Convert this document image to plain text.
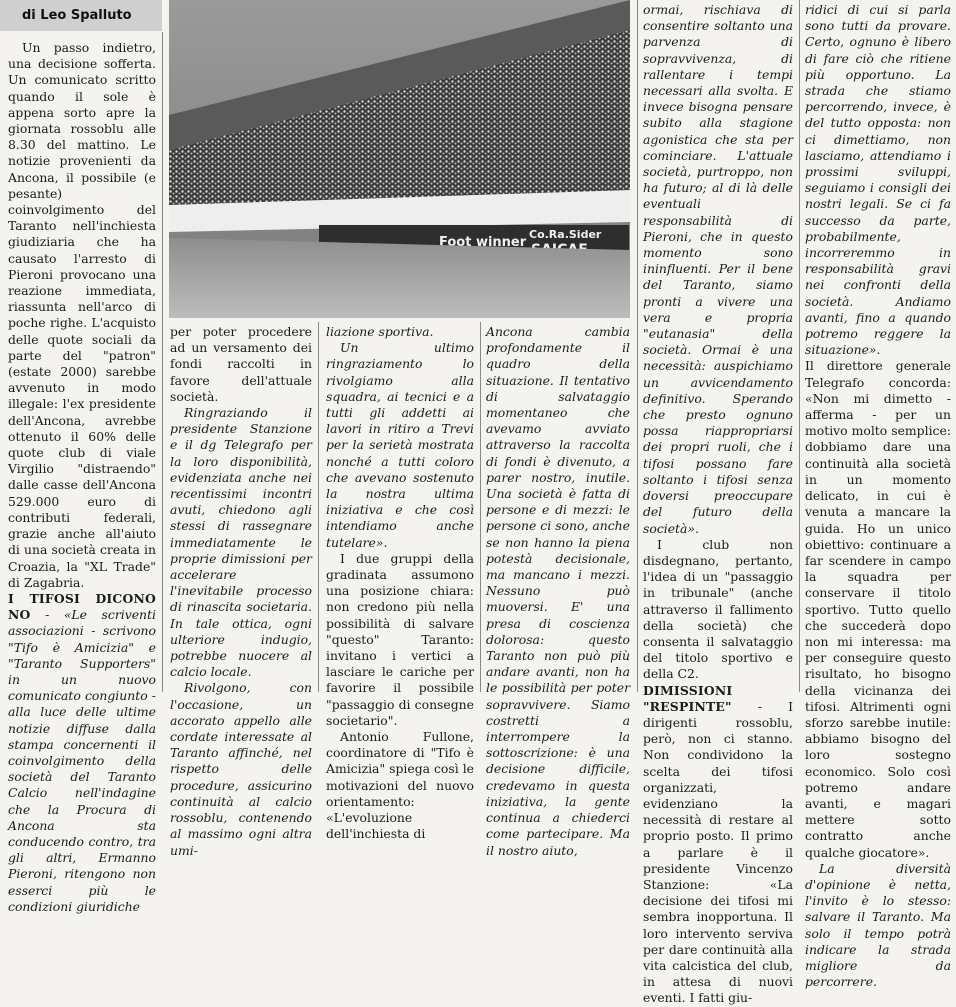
di Leo Spalluto

Un passo indietro, una decisione sofferta. Un comunicato scritto quando il sole è appena sorto apre la giornata rossoblu alle 8.30 del mattino. Le notizie provenienti da Ancona, il possibile (e pesante) coinvolgimento del Taranto nell'inchiesta giudiziaria che ha causato l'arresto di Pieroni provocano una reazione immediata, riassunta nell'arco di poche righe. L'acquisto delle quote sociali da parte del "patron" (estate 2000) sarebbe avvenuto in modo illegale: l'ex presidente dell'Ancona, avrebbe ottenuto il 60% delle quote club di viale Virgilio "distraendo" dalle casse dell'Ancona 529.000 euro di contributi federali, grazie anche all'aiuto di una società creata in Croazia, la "XL Trade" di Zagabria.

I TIFOSI DICONO NO - «Le scriventi associazioni - scrivono "Tifo è Amicizia" e "Taranto Supporters" in un nuovo comunicato congiunto - alla luce delle ultime notizie diffuse dalla stampa concernenti il coinvolgimento della società del Taranto Calcio nell'indagine che la Procura di Ancona sta conducendo contro, tra gli altri, Ermanno Pieroni, ritengono non esserci più le condizioni giuridiche

Foot winner
Co.Ra.Sider

per poter procedere ad un versamento dei fondi raccolti in favore dell'attuale società.

Ringraziando il presidente Stanzione e il dg Telegrafo per la loro disponibilità, evidenziata anche nei recentissimi incontri avuti, chiedono agli stessi di rassegnare immediatamente le proprie dimissioni per accelerare l'inevitabile processo di rinascita societaria. In tale ottica, ogni ulteriore indugio, potrebbe nuocere al calcio locale.

Rivolgono, con l'occasione, un accorato appello alle cordate interessate al Taranto affinché, nel rispetto delle procedure, assicurino continuità al calcio rossoblu, contenendo al massimo ogni altra umi-

liazione sportiva.

Un ultimo ringraziamento lo rivolgiamo alla squadra, ai tecnici e a tutti gli addetti ai lavori in ritiro a Trevi per la serietà mostrata nonché a tutti coloro che avevano sostenuto la nostra ultima iniziativa e che così intendiamo anche tutelare».

I due gruppi della gradinata assumono una posizione chiara: non credono più nella possibilità di salvare "questo" Taranto: invitano i vertici a lasciare le cariche per favorire il possibile "passaggio di consegne societario".

Antonio Fullone, coordinatore di "Tifo è Amicizia" spiega così le motivazioni del nuovo orientamento: «L'evoluzione dell'inchiesta di

Ancona cambia profondamente il quadro della situazione. Il tentativo di salvataggio momentaneo che avevamo avviato attraverso la raccolta di fondi è divenuto, a parer nostro, inutile. Una società è fatta di persone e di mezzi: le persone ci sono, anche se non hanno la piena potestà decisionale, ma mancano i mezzi. Nessuno può muoversi. E' una presa di coscienza dolorosa: questo Taranto non può più andare avanti, non ha le possibilità per poter sopravvivere. Siamo costretti a interrompere la sottoscrizione: è una decisione difficile, credevamo in questa iniziativa, la gente continua a chiederci come partecipare. Ma il nostro aiuto,

ormai, rischiava di consentire soltanto una parvenza di sopravvivenza, di rallentare i tempi necessari alla svolta. E invece bisogna pensare subito alla stagione agonistica che sta per cominciare. L'attuale società, purtroppo, non ha futuro; al di là delle eventuali responsabilità di Pieroni, che in questo momento sono ininfluenti. Per il bene del Taranto, siamo pronti a vivere una vera e propria "eutanasia" della società. Ormai è una necessità: auspichiamo un avvicendamento definitivo. Sperando che presto ognuno possa riappropriarsi dei propri ruoli, che i tifosi possano fare soltanto i tifosi senza doversi preoccupare del futuro della società».

I club non disdegnano, pertanto, l'idea di un "passaggio in tribunale" (anche attraverso il fallimento della società) che consenta il salvataggio del titolo sportivo e della C2.

DIMISSIONI "RESPINTE" - I dirigenti rossoblu, però, non ci stanno. Non condividono la scelta dei tifosi organizzati, evidenziano la necessità di restare al proprio posto. Il primo a parlare è il presidente Vincenzo Stanzione: «La decisione dei tifosi mi sembra inopportuna. Il loro intervento serviva per dare continuità alla vita calcistica del club, in attesa di nuovi eventi. I fatti giu-

ridici di cui si parla sono tutti da provare. Certo, ognuno è libero di fare ciò che ritiene più opportuno. La strada che stiamo percorrendo, invece, è del tutto opposta: non ci dimettiamo, non lasciamo, attendiamo i prossimi sviluppi, seguiamo i consigli dei nostri legali. Se ci fa successo da parte, probabilmente, incorreremmo in responsabilità gravi nei confronti della società. Andiamo avanti, fino a quando potremo reggere la situazione».

Il direttore generale Telegrafo concorda: «Non mi dimetto - afferma - per un motivo molto semplice: dobbiamo dare una continuità alla società in un momento delicato, in cui è venuta a mancare la guida. Ho un unico obiettivo: continuare a far scendere in campo la squadra per conservare il titolo sportivo. Tutto quello che succederà dopo non mi interessa: ma per conseguire questo risultato, ho bisogno della vicinanza dei tifosi. Altrimenti ogni sforzo sarebbe inutile: abbiamo bisogno del loro sostegno economico. Solo così potremo andare avanti, e magari mettere sotto contratto anche qualche giocatore».

La diversità d'opinione è netta, l'invito è lo stesso: salvare il Taranto. Ma solo il tempo potrà indicare la strada migliore da percorrere.
